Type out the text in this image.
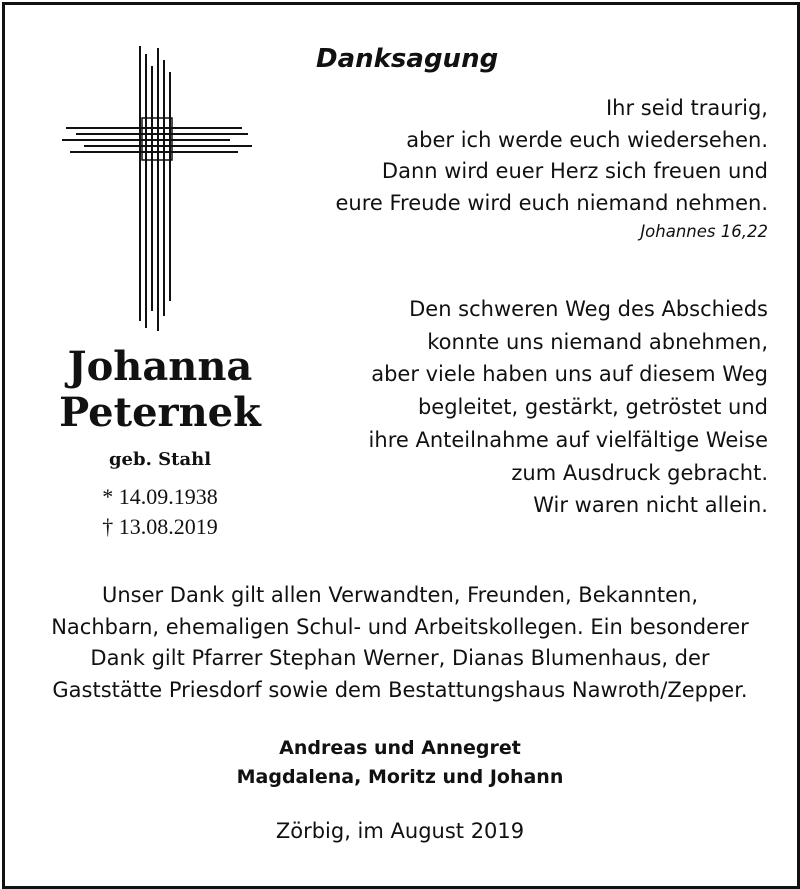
Danksagung
Ihr seid traurig,
aber ich werde euch wiedersehen.
Dann wird euer Herz sich freuen und
eure Freude wird euch niemand nehmen.

Johannes 16,22

Den schweren Weg des Abschieds
konnte uns niemand abnehmen,
aber viele haben uns auf diesem Weg
begleitet, gestärkt, getröstet und
ihre Anteilnahme auf vielfältige Weise
zum Ausdruck gebracht.
Wir waren nicht allein.
Johanna
Peternek
geb. Stahl
* 14.09.1938
† 13.08.2019
Unser Dank gilt allen Verwandten, Freunden, Bekannten,
Nachbarn, ehemaligen Schul- und Arbeitskollegen. Ein besonderer
Dank gilt Pfarrer Stephan Werner, Dianas Blumenhaus, der
Gaststätte Priesdorf sowie dem Bestattungshaus Nawroth/Zepper.
Andreas und Annegret
Magdalena, Moritz und Johann

Zörbig, im August 2019
